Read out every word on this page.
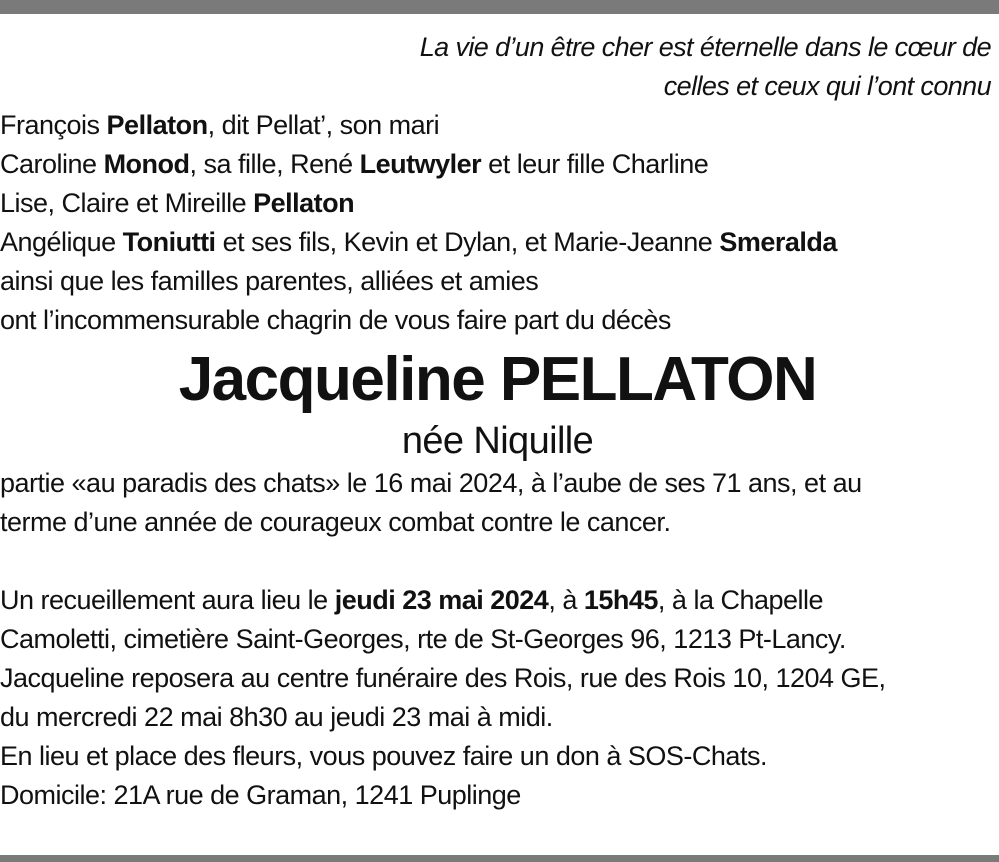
La vie d’un être cher est éternelle dans le cœur de
celles et ceux qui l’ont connu

François Pellaton, dit Pellat’, son mari

Caroline Monod, sa fille, René Leutwyler et leur fille Charline

Lise, Claire et Mireille Pellaton

Angélique Toniutti et ses fils, Kevin et Dylan, et Marie-Jeanne Smeralda

ainsi que les familles parentes, alliées et amies

ont l’incommensurable chagrin de vous faire part du décès

Jacqueline PELLATON

née Niquille

partie «au paradis des chats» le 16 mai 2024, à l’aube de ses 71 ans, et au

terme d’une année de courageux combat contre le cancer.

Un recueillement aura lieu le jeudi 23 mai 2024, à 15h45, à la Chapelle

Camoletti, cimetière Saint-Georges, rte de St-Georges 96, 1213 Pt-Lancy.

Jacqueline reposera au centre funéraire des Rois, rue des Rois 10, 1204 GE,

du mercredi 22 mai 8h30 au jeudi 23 mai à midi.

En lieu et place des fleurs, vous pouvez faire un don à SOS-Chats.

Domicile: 21A rue de Graman, 1241 Puplinge
